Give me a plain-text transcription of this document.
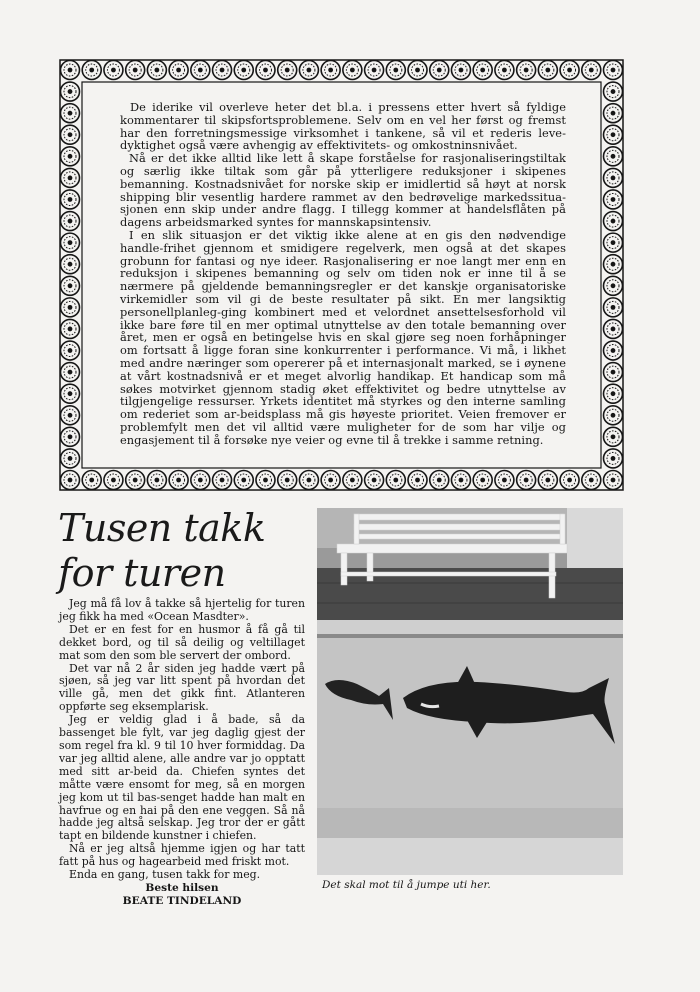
De iderike vil overleve heter det bl.a. i pressens etter hvert så fyldige kommentarer til skipsfortsproblemene. Selv om en vel her først og fremst har den forretningsmessige virksomhet i tankene, så vil et rederis leve-dyktighet også være avhengig av effektivitets- og omkostninsnivået.

Nå er det ikke alltid like lett å skape forståelse for rasjonaliseringstiltak og særlig ikke tiltak som går på ytterligere reduksjoner i skipenes bemanning. Kostnadsnivået for norske skip er imidlertid så høyt at norsk shipping blir vesentlig hardere rammet av den bedrøvelige markedssitua-sjonen enn skip under andre flagg. I tillegg kommer at handelsflåten på dagens arbeidsmarked syntes for mannskapsintensiv.

I en slik situasjon er det viktig ikke alene at en gis den nødvendige handle-frihet gjennom et smidigere regelverk, men også at det skapes grobunn for fantasi og nye ideer. Rasjonalisering er noe langt mer enn en reduksjon i skipenes bemanning og selv om tiden nok er inne til å se nærmere på gjeldende bemanningsregler er det kanskje organisatoriske virkemidler som vil gi de beste resultater på sikt. En mer langsiktig personellplanleg-ging kombinert med et velordnet ansettelsesforhold vil ikke bare føre til en mer optimal utnyttelse av den totale bemanning over året, men er også en betingelse hvis en skal gjøre seg noen forhåpninger om fortsatt å ligge foran sine konkurrenter i performance. Vi må, i likhet med andre næringer som opererer på et internasjonalt marked, se i øynene at vårt kostnadsnivå er et meget alvorlig handikap. Et handicap som må søkes motvirket gjennom stadig øket effektivitet og bedre utnyttelse av tilgjengelige ressurser. Yrkets identitet må styrkes og den interne samling om rederiet som ar-beidsplass må gis høyeste prioritet. Veien fremover er problemfylt men det vil alltid være muligheter for de som har vilje og engasjement til å forsøke nye veier og evne til å trekke i samme retning.

Tusen takk
for turen

Jeg må få lov å takke så hjertelig for turen jeg fikk ha med «Ocean Masdter».

Det er en fest for en husmor å få gå til dekket bord, og til så deilig og veltillaget mat som den som ble servert der ombord.

Det var nå 2 år siden jeg hadde vært på sjøen, så jeg var litt spent på hvordan det ville gå, men det gikk fint. Atlanteren oppførte seg eksemplarisk.

Jeg er veldig glad i å bade, så da bassenget ble fylt, var jeg daglig gjest der som regel fra kl. 9 til 10 hver formiddag. Da var jeg alltid alene, alle andre var jo opptatt med sitt ar-beid da. Chiefen syntes det måtte være ensomt for meg, så en morgen jeg kom ut til bas-senget hadde han malt en havfrue og en hai på den ene veggen. Så nå hadde jeg altså selskap. Jeg tror der er gått tapt en bildende kunstner i chiefen.

Nå er jeg altså hjemme igjen og har tatt fatt på hus og hagearbeid med friskt mot.

Enda en gang, tusen takk for meg.

Beste hilsen

BEATE TINDELAND

Det skal mot til å jumpe uti her.
